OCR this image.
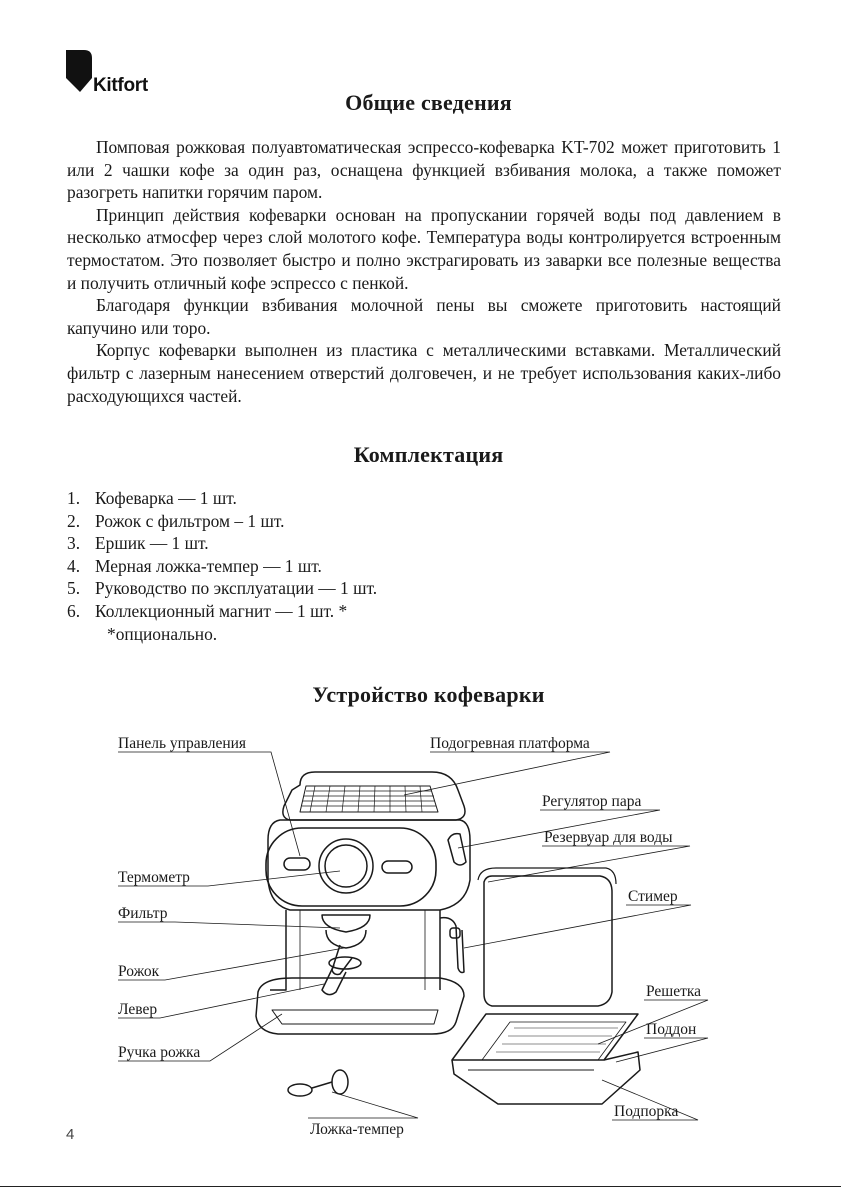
Kitfort
Общие сведения

Помповая рожковая полуавтоматическая эспрессо-кофеварка KT-702 может приготовить 1 или 2 чашки кофе за один раз, оснащена функцией взбивания молока, а также поможет разогреть напитки горячим паром.

Принцип действия кофеварки основан на пропускании горячей воды под давлением в несколько атмосфер через слой молотого кофе. Температура воды контролируется встроенным термостатом. Это позволяет быстро и полно экстрагировать из заварки все полезные вещества и получить отличный кофе эспрессо с пенкой.

Благодаря функции взбивания молочной пены вы сможете приготовить настоящий капучино или торо.

Корпус кофеварки выполнен из пластика с металлическими вставками. Металлический фильтр с лазерным нанесением отверстий долговечен, и не требует использования каких-либо расходующихся частей.

Комплектация
1. Кофеварка — 1 шт.
2. Рожок с фильтром – 1 шт.
3. Ершик — 1 шт.
4. Мерная ложка-темпер — 1 шт.
5. Руководство по эксплуатации — 1 шт.
6. Коллекционный магнит — 1 шт. *
*опционально.
Устройство кофеварки
Панель управления	Подогревная платформа
Регулятор пара
Резервуар для воды
Термометр
Фильтр
Стимер
Рожок
Решетка
Левер
Поддон
Ручка рожка
Подпорка
Ложка-темпер
4
